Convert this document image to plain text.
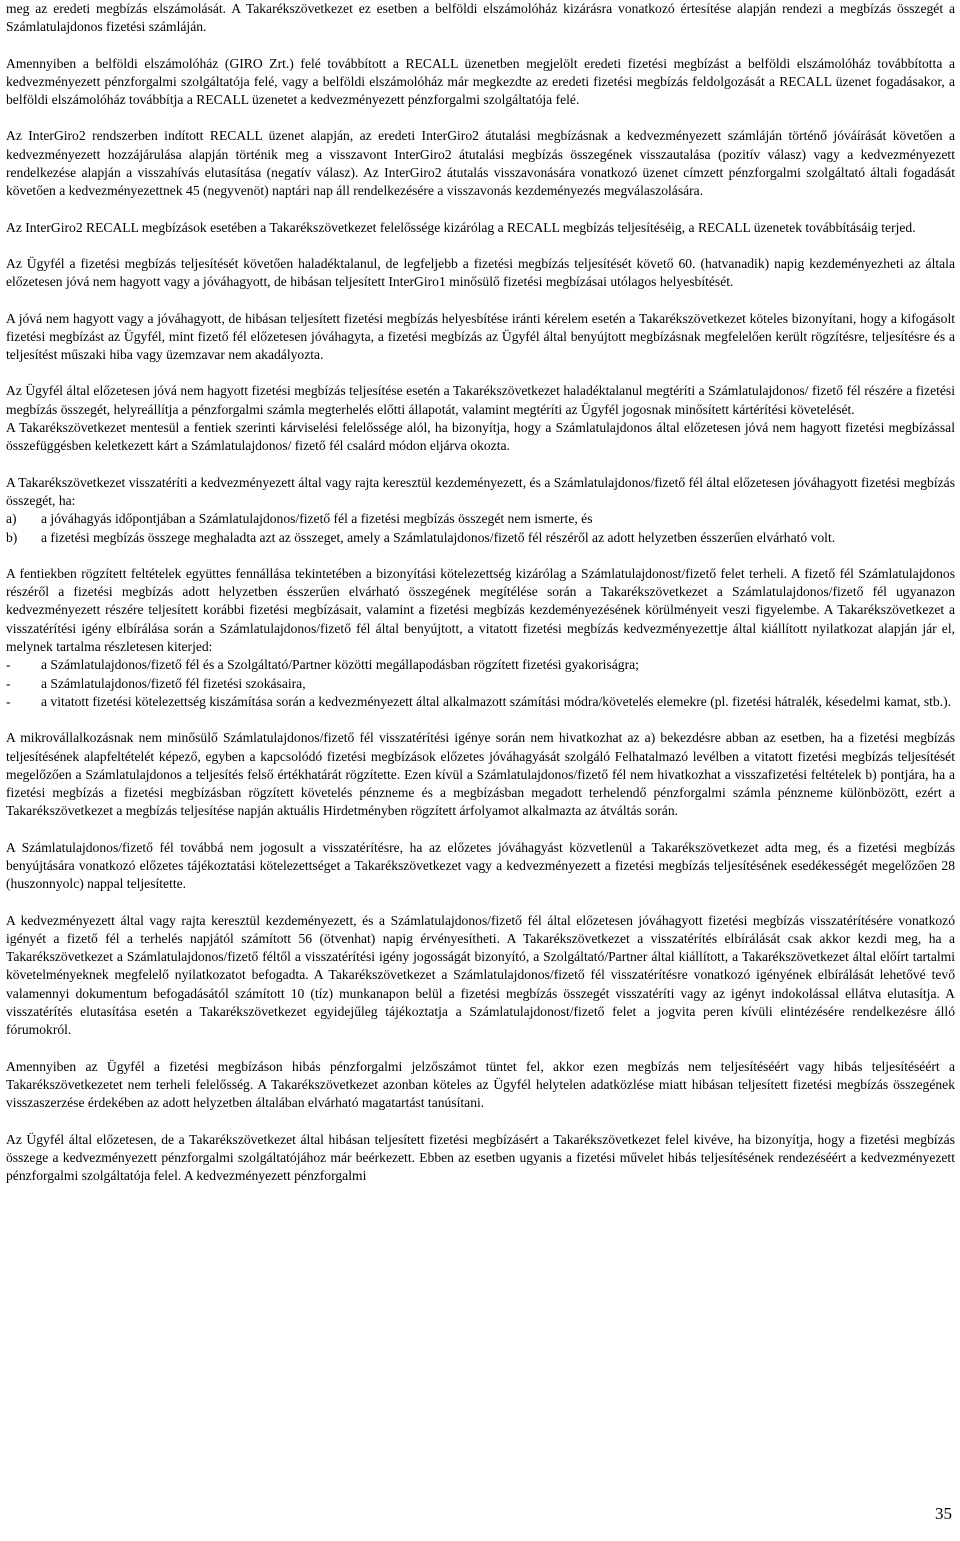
meg az eredeti megbízás elszámolását. A Takarékszövetkezet ez esetben a belföldi elszámolóház kizárásra vonatkozó értesítése alapján rendezi a megbízás összegét a Számlatulajdonos fizetési számláján.

Amennyiben a belföldi elszámolóház (GIRO Zrt.) felé továbbított a RECALL üzenetben megjelölt eredeti fizetési megbízást a belföldi elszámolóház továbbította a kedvezményezett pénzforgalmi szolgáltatója felé, vagy a belföldi elszámolóház már megkezdte az eredeti fizetési megbízás feldolgozását a RECALL üzenet fogadásakor, a belföldi elszámolóház továbbítja a RECALL üzenetet a kedvezményezett pénzforgalmi szolgáltatója felé.

Az InterGiro2 rendszerben indított RECALL üzenet alapján, az eredeti InterGiro2 átutalási megbízásnak a kedvezményezett számláján történő jóváírását követően a kedvezményezett hozzájárulása alapján történik meg a visszavont InterGiro2 átutalási megbízás összegének visszautalása (pozitív válasz) vagy a kedvezményezett rendelkezése alapján a visszahívás elutasítása (negatív válasz). Az InterGiro2 átutalás visszavonására vonatkozó üzenet címzett pénzforgalmi szolgáltató általi fogadását követően a kedvezményezettnek 45 (negyvenöt) naptári nap áll rendelkezésére a visszavonás kezdeményezés megválaszolására.

Az InterGiro2 RECALL megbízások esetében a Takarékszövetkezet felelőssége kizárólag a RECALL megbízás teljesítéséig, a RECALL üzenetek továbbításáig terjed.

Az Ügyfél a fizetési megbízás teljesítését követően haladéktalanul, de legfeljebb a fizetési megbízás teljesítését követő 60. (hatvanadik) napig kezdeményezheti az általa előzetesen jóvá nem hagyott vagy a jóváhagyott, de hibásan teljesített InterGiro1 minősülő fizetési megbízásai utólagos helyesbítését.

A jóvá nem hagyott vagy a jóváhagyott, de hibásan teljesített fizetési megbízás helyesbítése iránti kérelem esetén a Takarékszövetkezet köteles bizonyítani, hogy a kifogásolt fizetési megbízást az Ügyfél, mint fizető fél előzetesen jóváhagyta, a fizetési megbízás az Ügyfél által benyújtott megbízásnak megfelelően került rögzítésre, teljesítésre és a teljesítést műszaki hiba vagy üzemzavar nem akadályozta.

Az Ügyfél által előzetesen jóvá nem hagyott fizetési megbízás teljesítése esetén a Takarékszövetkezet haladéktalanul megtéríti a Számlatulajdonos/ fizető fél részére a fizetési megbízás összegét, helyreállítja a pénzforgalmi számla megterhelés előtti állapotát, valamint megtéríti az Ügyfél jogosnak minősített kártérítési követelését.

A Takarékszövetkezet mentesül a fentiek szerinti kárviselési felelőssége alól, ha bizonyítja, hogy a Számlatulajdonos által előzetesen jóvá nem hagyott fizetési megbízással összefüggésben keletkezett kárt a Számlatulajdonos/ fizető fél csalárd módon eljárva okozta.

A Takarékszövetkezet visszatéríti a kedvezményezett által vagy rajta keresztül kezdeményezett, és a Számlatulajdonos/fizető fél által előzetesen jóváhagyott fizetési megbízás összegét, ha:

a)	a jóváhagyás időpontjában a Számlatulajdonos/fizető fél a fizetési megbízás összegét nem ismerte, és
b)	a fizetési megbízás összege meghaladta azt az összeget, amely a Számlatulajdonos/fizető fél részéről az adott helyzetben ésszerűen elvárható volt.

A fentiekben rögzített feltételek együttes fennállása tekintetében a bizonyítási kötelezettség kizárólag a Számlatulajdonost/fizető felet terheli. A fizető fél Számlatulajdonos részéről a fizetési megbízás adott helyzetben ésszerűen elvárható összegének megítélése során a Takarékszövetkezet a Számlatulajdonos/fizető fél ugyanazon kedvezményezett részére teljesített korábbi fizetési megbízásait, valamint a fizetési megbízás kezdeményezésének körülményeit veszi figyelembe. A Takarékszövetkezet a visszatérítési igény elbírálása során a Számlatulajdonos/fizető fél által benyújtott, a vitatott fizetési megbízás kedvezményezettje által kiállított nyilatkozat alapján jár el, melynek tartalma részletesen kiterjed:

-	a Számlatulajdonos/fizető fél és a Szolgáltató/Partner közötti megállapodásban rögzített fizetési gyakoriságra;
-	a Számlatulajdonos/fizető fél fizetési szokásaira,
-	a vitatott fizetési kötelezettség kiszámítása során a kedvezményezett által alkalmazott számítási módra/követelés elemekre (pl. fizetési hátralék, késedelmi kamat, stb.).

A mikrovállalkozásnak nem minősülő Számlatulajdonos/fizető fél visszatérítési igénye során nem hivatkozhat az a) bekezdésre abban az esetben, ha a fizetési megbízás teljesítésének alapfeltételét képező, egyben a kapcsolódó fizetési megbízások előzetes jóváhagyását szolgáló Felhatalmazó levélben a vitatott fizetési megbízás teljesítését megelőzően a Számlatulajdonos a teljesítés felső értékhatárát rögzítette. Ezen kívül a Számlatulajdonos/fizető fél nem hivatkozhat a visszafizetési feltételek b) pontjára, ha a fizetési megbízás a fizetési megbízásban rögzített követelés pénzneme és a megbízásban megadott terhelendő pénzforgalmi számla pénzneme különbözött, ezért a Takarékszövetkezet a megbízás teljesítése napján aktuális Hirdetményben rögzített árfolyamot alkalmazta az átváltás során.

A Számlatulajdonos/fizető fél továbbá nem jogosult a visszatérítésre, ha az előzetes jóváhagyást közvetlenül a Takarékszövetkezet adta meg, és a fizetési megbízás benyújtására vonatkozó előzetes tájékoztatási kötelezettséget a Takarékszövetkezet vagy a kedvezményezett a fizetési megbízás teljesítésének esedékességét megelőzően 28 (huszonnyolc) nappal teljesítette.

A kedvezményezett által vagy rajta keresztül kezdeményezett, és a Számlatulajdonos/fizető fél által előzetesen jóváhagyott fizetési megbízás visszatérítésére vonatkozó igényét a fizető fél a terhelés napjától számított 56 (ötvenhat) napig érvényesítheti. A Takarékszövetkezet a visszatérítés elbírálását csak akkor kezdi meg, ha a Takarékszövetkezet a Számlatulajdonos/fizető féltől a visszatérítési igény jogosságát bizonyító, a Szolgáltató/Partner által kiállított, a Takarékszövetkezet által előírt tartalmi követelményeknek megfelelő nyilatkozatot befogadta. A Takarékszövetkezet a Számlatulajdonos/fizető fél visszatérítésre vonatkozó igényének elbírálását lehetővé tevő valamennyi dokumentum befogadásától számított 10 (tíz) munkanapon belül a fizetési megbízás összegét visszatéríti vagy az igényt indokolással ellátva elutasítja. A visszatérítés elutasítása esetén a Takarékszövetkezet egyidejűleg tájékoztatja a Számlatulajdonost/fizető felet a jogvita peren kívüli elintézésére rendelkezésre álló fórumokról.

Amennyiben az Ügyfél a fizetési megbízáson hibás pénzforgalmi jelzőszámot tüntet fel, akkor ezen megbízás nem teljesítéséért vagy hibás teljesítéséért a Takarékszövetkezetet nem terheli felelősség. A Takarékszövetkezet azonban köteles az Ügyfél helytelen adatközlése miatt hibásan teljesített fizetési megbízás összegének visszaszerzése érdekében az adott helyzetben általában elvárható magatartást tanúsítani.

Az Ügyfél által előzetesen, de a Takarékszövetkezet által hibásan teljesített fizetési megbízásért a Takarékszövetkezet felel kivéve, ha bizonyítja, hogy a fizetési megbízás összege a kedvezményezett pénzforgalmi szolgáltatójához már beérkezett. Ebben az esetben ugyanis a fizetési művelet hibás teljesítésének rendezéséért a kedvezményezett pénzforgalmi szolgáltatója felel. A kedvezményezett pénzforgalmi

35
